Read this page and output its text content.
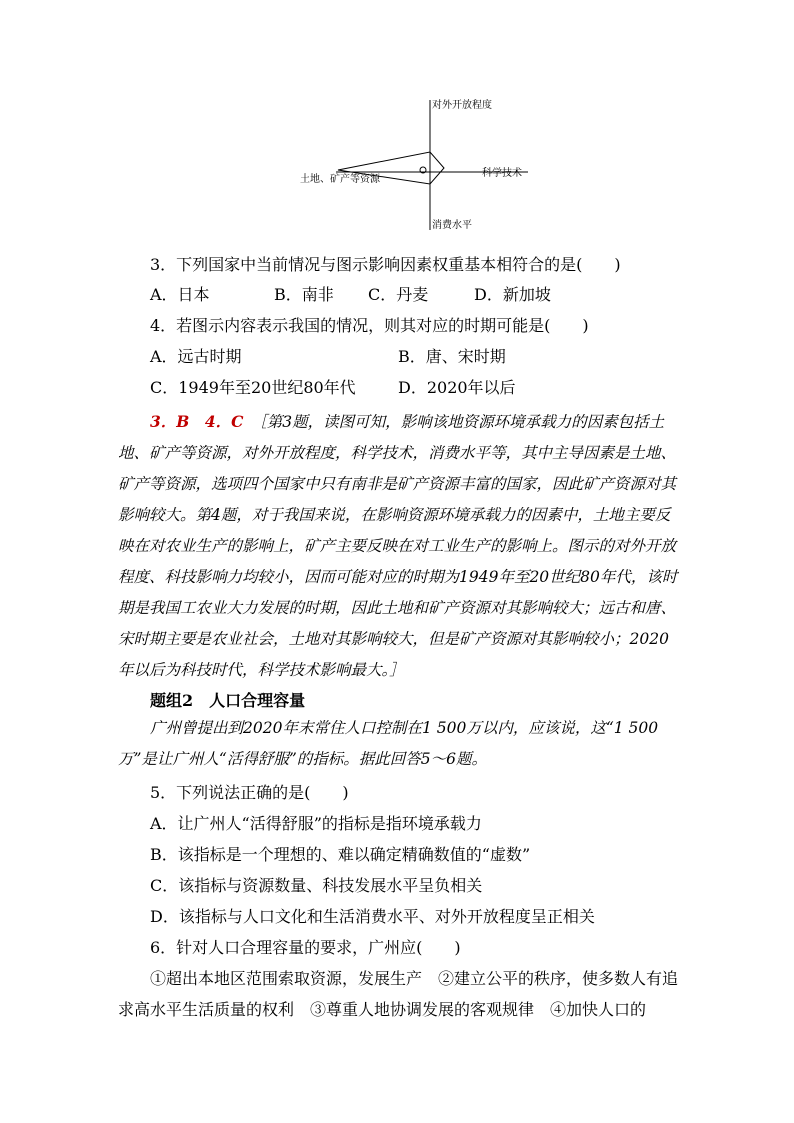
对外开放程度
土地、矿产等资源
科学技术
消费水平
3．下列国家中当前情况与图示影响因素权重基本相符合的是(　　)
A．日本	B．南非 C．丹麦	D．新加坡
4．若图示内容表示我国的情况，则其对应的时期可能是(　　)
A．远古时期	B．唐、宋时期
C．1949年至20世纪80年代	D．2020年以后
3．B　4．C　 ［第3题，读图可知，影响该地资源环境承载力的因素包括土地、矿产等资源，对外开放程度，科学技术，消费水平等，其中主导因素是土地、矿产等资源，选项四个国家中只有南非是矿产资源丰富的国家，因此矿产资源对其影响较大。第4题，对于我国来说，在影响资源环境承载力的因素中，土地主要反映在对农业生产的影响上，矿产主要反映在对工业生产的影响上。图示的对外开放程度、科技影响力均较小，因而可能对应的时期为1949年至20世纪80年代，该时期是我国工农业大力发展的时期，因此土地和矿产资源对其影响较大；远古和唐、宋时期主要是农业社会，土地对其影响较大，但是矿产资源对其影响较小；2020年以后为科技时代，科学技术影响最大。］
题组2　人口合理容量
广州曾提出到2020年末常住人口控制在1 500万以内，应该说，这“1 500万”是让广州人“活得舒服”的指标。据此回答5～6题。
5．下列说法正确的是(　　)
A．让广州人“活得舒服”的指标是指环境承载力
B．该指标是一个理想的、难以确定精确数值的“虚数”
C．该指标与资源数量、科技发展水平呈负相关
D．该指标与人口文化和生活消费水平、对外开放程度呈正相关
6．针对人口合理容量的要求，广州应(　　)
①超出本地区范围索取资源，发展生产　②建立公平的秩序，使多数人有追求高水平生活质量的权利　③尊重人地协调发展的客观规律　④加快人口的
